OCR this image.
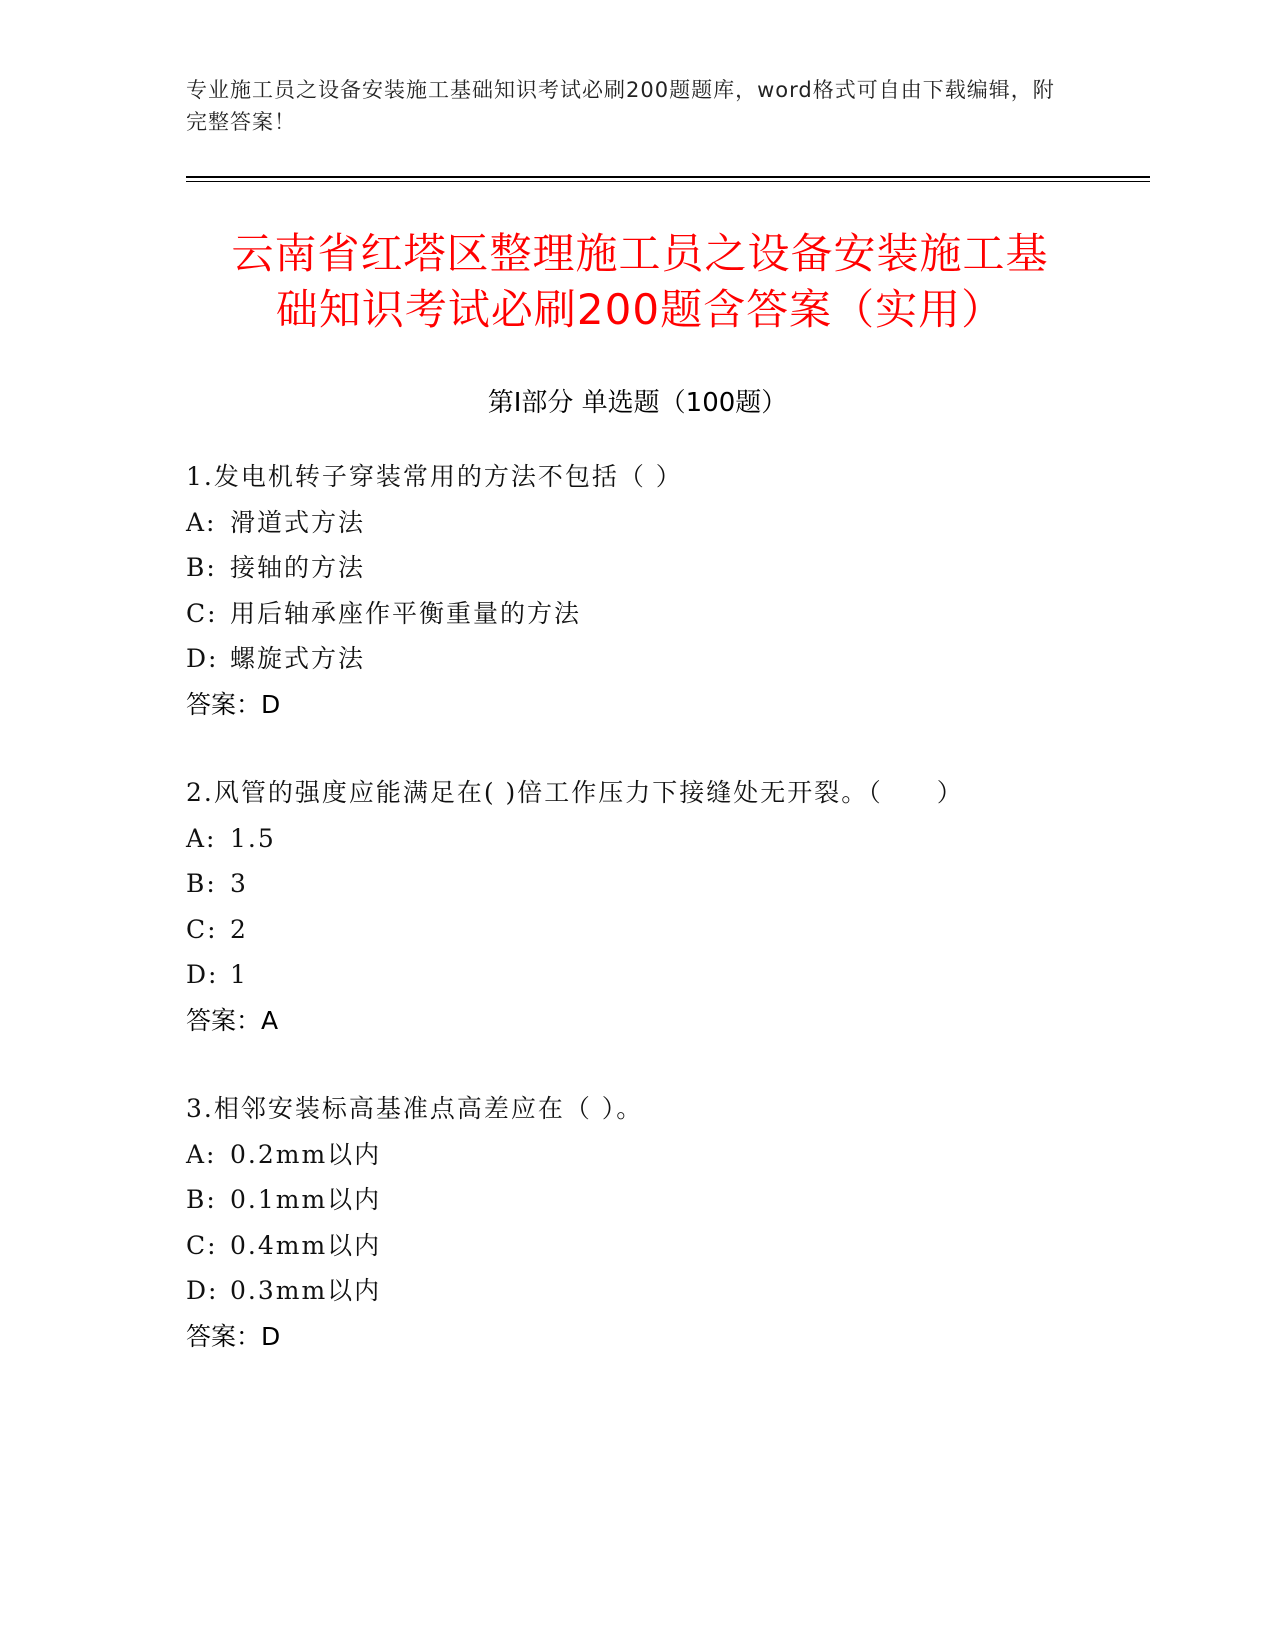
专业施工员之设备安装施工基础知识考试必刷200题题库，word格式可自由下载编辑，附完整答案！
云南省红塔区整理施工员之设备安装施工基
础知识考试必刷200题含答案（实用）
第Ⅰ部分 单选题（100题）
1.发电机转子穿装常用的方法不包括（ ）
A: 滑道式方法
B: 接轴的方法
C: 用后轴承座作平衡重量的方法
D: 螺旋式方法
答案：D
2.风管的强度应能满足在( )倍工作压力下接缝处无开裂。（　　）
A: 1.5
B: 3
C: 2
D: 1
答案：A
3.相邻安装标高基准点高差应在（ ）。
A: 0.2mm以内
B: 0.1mm以内
C: 0.4mm以内
D: 0.3mm以内
答案：D
